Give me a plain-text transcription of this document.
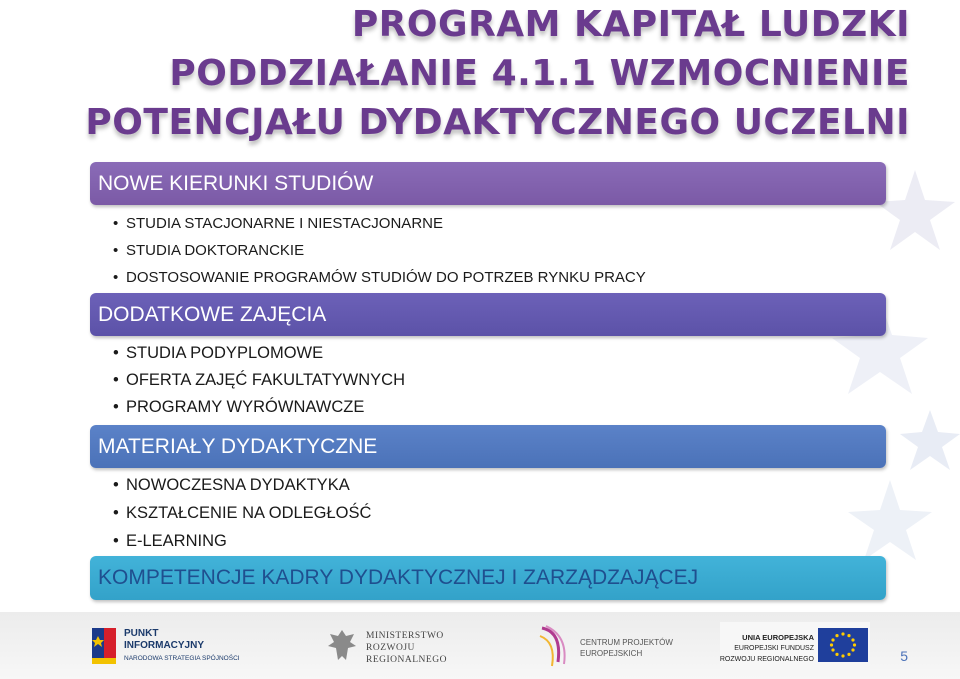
PROGRAM KAPITAŁ LUDZKI
PODDZIAŁANIE 4.1.1 WZMOCNIENIE
POTENCJAŁU DYDAKTYCZNEGO UCZELNI
NOWE KIERUNKI STUDIÓW
• STUDIA STACJONARNE I NIESTACJONARNE
• STUDIA DOKTORANCKIE
• DOSTOSOWANIE PROGRAMÓW STUDIÓW DO POTRZEB RYNKU PRACY
DODATKOWE ZAJĘCIA
• STUDIA PODYPLOMOWE
• OFERTA ZAJĘĆ FAKULTATYWNYCH
• PROGRAMY WYRÓWNAWCZE
MATERIAŁY DYDAKTYCZNE
• NOWOCZESNA DYDAKTYKA
• KSZTAŁCENIE NA ODLEGŁOŚĆ
• E-LEARNING
KOMPETENCJE KADRY DYDAKTYCZNEJ I ZARZĄDZAJĄCEJ
PUNKT
INFORMACYJNY
NARODOWA STRATEGIA SPÓJNOŚCI
MINISTERSTWO
ROZWOJU
REGIONALNEGO
CENTRUM PROJEKTÓW
EUROPEJSKICH
UNIA EUROPEJSKA
EUROPEJSKI FUNDUSZ
ROZWOJU REGIONALNEGO	5
